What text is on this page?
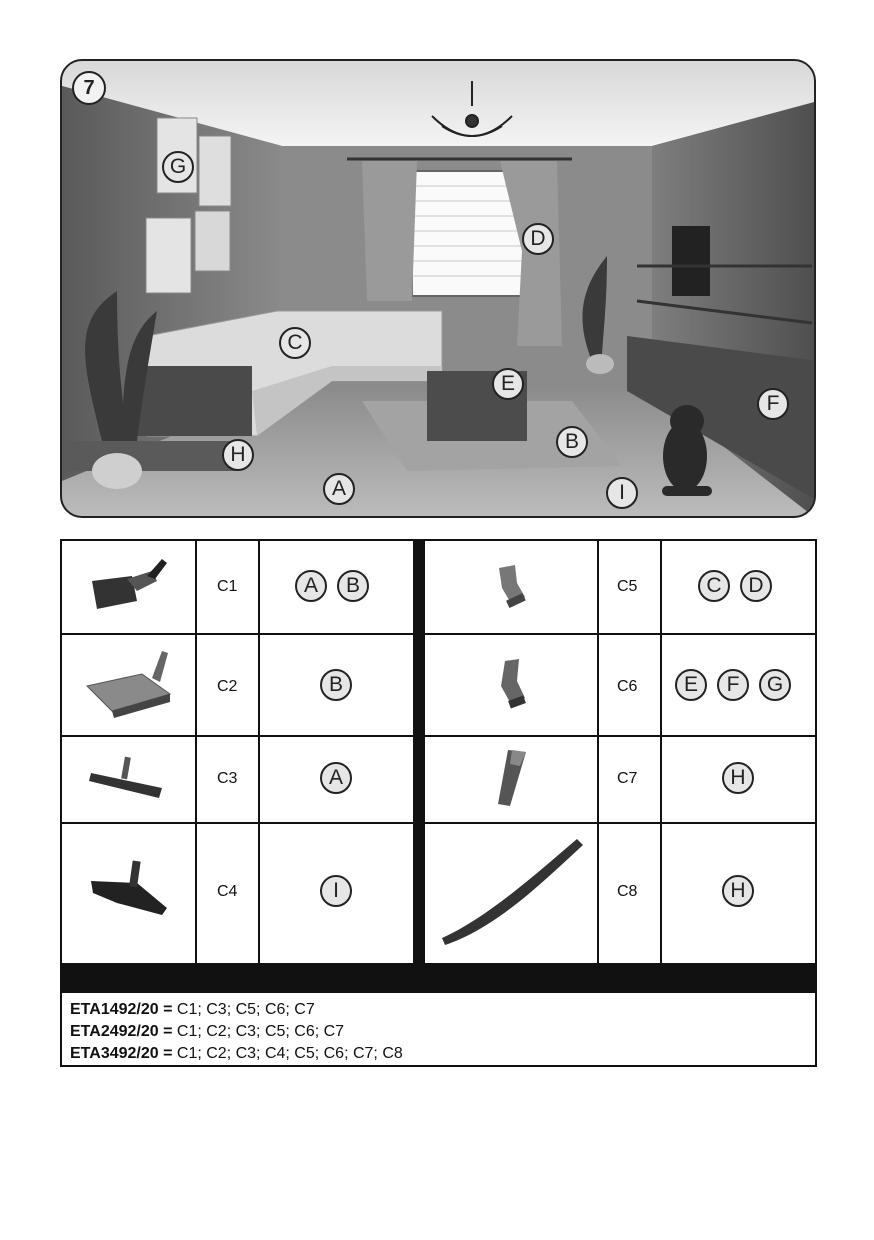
7
G
D
C
E
F
B
H
A	I
C1	A	B	C5	C	D
C2	B	C6	E	F	G
C3	A	C7	H
C4	I	C8	H
ETA1492/20 = C1; C3; C5; C6; C7
ETA2492/20 = C1; C2; C3; C5; C6; C7
ETA3492/20 = C1; C2; C3; C4; C5; C6; C7; C8
